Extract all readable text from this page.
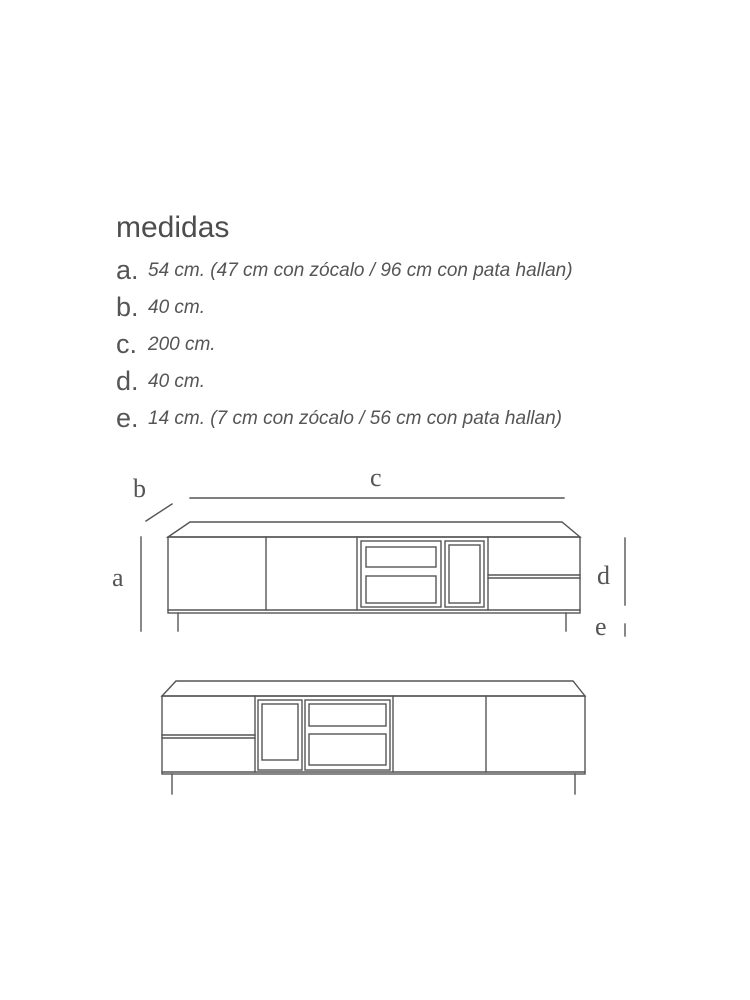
medidas
a. 54 cm. (47 cm con zócalo / 96 cm con pata hallan)
b. 40 cm.
c. 200 cm.
d. 40 cm.
e. 14 cm. (7 cm con zócalo / 56 cm con pata hallan)
b	c
a	d
e
